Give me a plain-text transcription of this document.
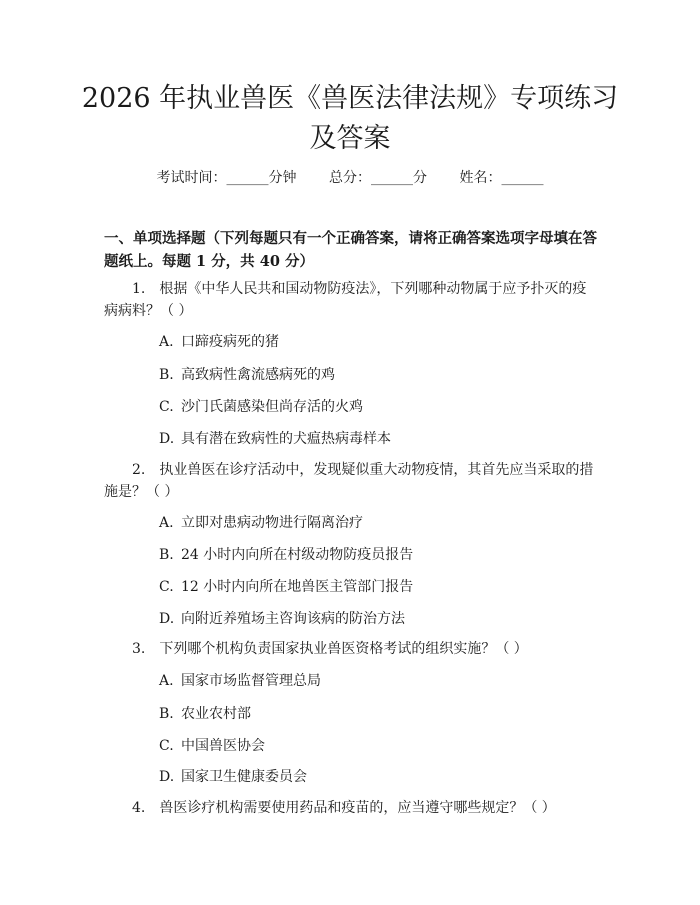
2026 年执业兽医《兽医法律法规》专项练习
及答案
考试时间：______分钟 总分：______分 姓名：______

一、单项选择题（下列每题只有一个正确答案，请将正确答案选项字母填在答题纸上。每题 1 分，共 40 分）

1.　根据《中华人民共和国动物防疫法》，下列哪种动物属于应予扑灭的疫病病料？（ ）

A. 口蹄疫病死的猪
B. 高致病性禽流感病死的鸡
C. 沙门氏菌感染但尚存活的火鸡
D. 具有潜在致病性的犬瘟热病毒样本

2.　执业兽医在诊疗活动中，发现疑似重大动物疫情，其首先应当采取的措施是？（ ）

A. 立即对患病动物进行隔离治疗
B. 24 小时内向所在村级动物防疫员报告
C. 12 小时内向所在地兽医主管部门报告
D. 向附近养殖场主咨询该病的防治方法

3.　下列哪个机构负责国家执业兽医资格考试的组织实施？（ ）

A. 国家市场监督管理总局
B. 农业农村部
C. 中国兽医协会
D. 国家卫生健康委员会

4.　兽医诊疗机构需要使用药品和疫苗的，应当遵守哪些规定？（ ）
